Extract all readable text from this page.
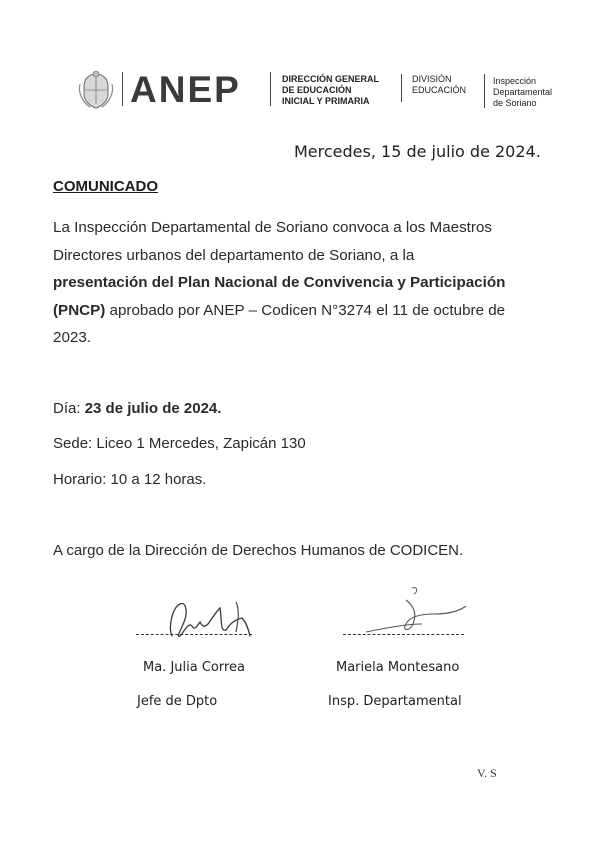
ANEP	DIRECCIÓN GENERAL
DE EDUCACIÓN
INICIAL Y PRIMARIA
DIVISIÓN
EDUCACIÓN
Inspección
Departamental
de Soriano
Mercedes, 15 de julio de 2024.
COMUNICADO
La Inspección Departamental de Soriano convoca a los Maestros
Directores urbanos del departamento de Soriano, a la
presentación del Plan Nacional de Convivencia y Participación
(PNCP) aprobado por ANEP – Codicen N°3274 el 11 de octubre de
2023.
Día: 23 de julio de 2024.
Sede: Liceo 1 Mercedes, Zapicán 130
Horario: 10 a 12 horas.
A cargo de la Dirección de Derechos Humanos de CODICEN.
Ma. Julia Correa	Mariela Montesano
Jefe de Dpto	Insp. Departamental
V. S
